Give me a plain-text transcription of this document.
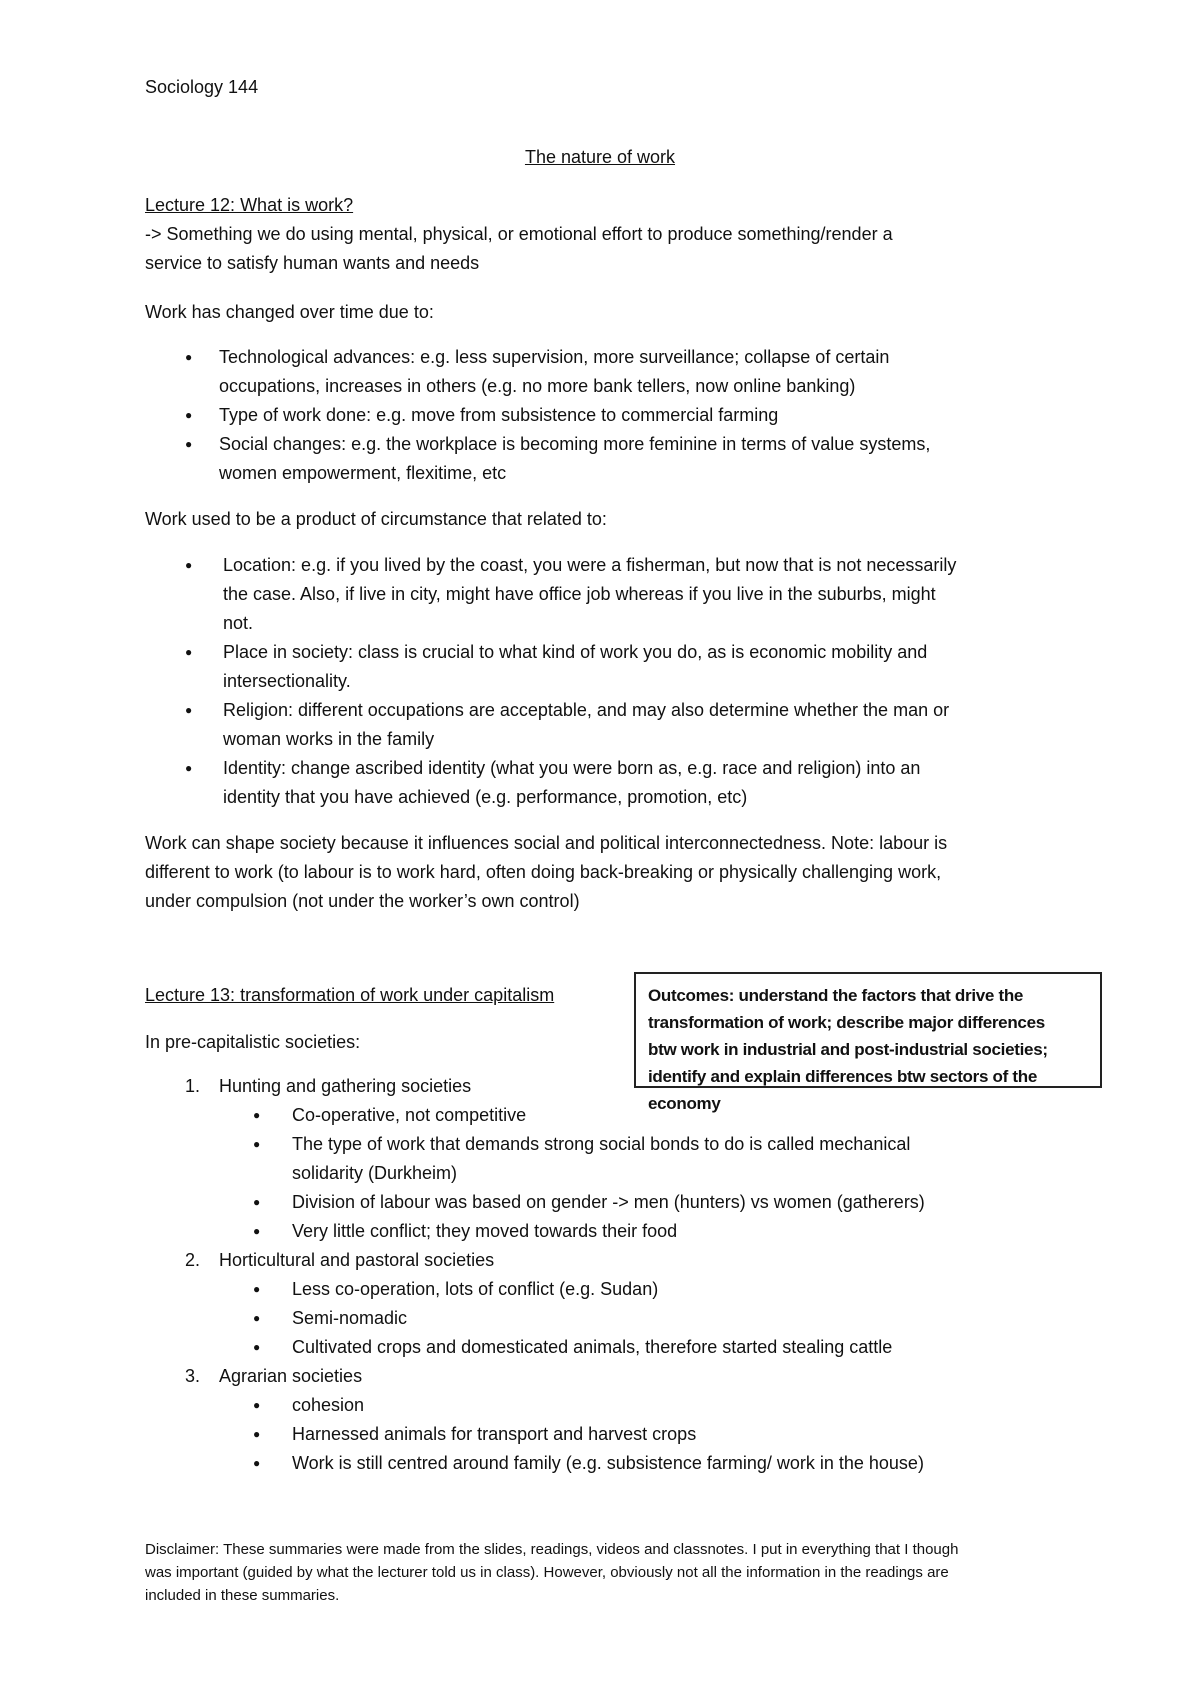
Sociology 144
The nature of work
Lecture 12: What is work?
-> Something we do using mental, physical, or emotional effort to produce something/render a
service to satisfy human wants and needs
Work has changed over time due to:
● Technological advances: e.g. less supervision, more surveillance; collapse of certain
occupations, increases in others (e.g. no more bank tellers, now online banking)
● Type of work done: e.g. move from subsistence to commercial farming
● Social changes: e.g. the workplace is becoming more feminine in terms of value systems,
women empowerment, flexitime, etc
Work used to be a product of circumstance that related to:
● Location: e.g. if you lived by the coast, you were a fisherman, but now that is not necessarily
the case. Also, if live in city, might have office job whereas if you live in the suburbs, might
not.
● Place in society: class is crucial to what kind of work you do, as is economic mobility and
intersectionality.
● Religion: different occupations are acceptable, and may also determine whether the man or
woman works in the family
● Identity: change ascribed identity (what you were born as, e.g. race and religion) into an
identity that you have achieved (e.g. performance, promotion, etc)
Work can shape society because it influences social and political interconnectedness. Note: labour is
different to work (to labour is to work hard, often doing back-breaking or physically challenging work,
under compulsion (not under the worker’s own control)
Lecture 13: transformation of work under capitalism	Outcomes: understand the factors that drive the
transformation of work; describe major differences
btw work in industrial and post-industrial societies;
identify and explain differences btw sectors of the
economy
In pre-capitalistic societies:
1. Hunting and gathering societies
● Co-operative, not competitive
● The type of work that demands strong social bonds to do is called mechanical
solidarity (Durkheim)
● Division of labour was based on gender -> men (hunters) vs women (gatherers)
● Very little conflict; they moved towards their food
2. Horticultural and pastoral societies
● Less co-operation, lots of conflict (e.g. Sudan)
● Semi-nomadic
● Cultivated crops and domesticated animals, therefore started stealing cattle
3. Agrarian societies
● cohesion
● Harnessed animals for transport and harvest crops
● Work is still centred around family (e.g. subsistence farming/ work in the house)
Disclaimer: These summaries were made from the slides, readings, videos and classnotes. I put in everything that I though
was important (guided by what the lecturer told us in class). However, obviously not all the information in the readings are
included in these summaries.
